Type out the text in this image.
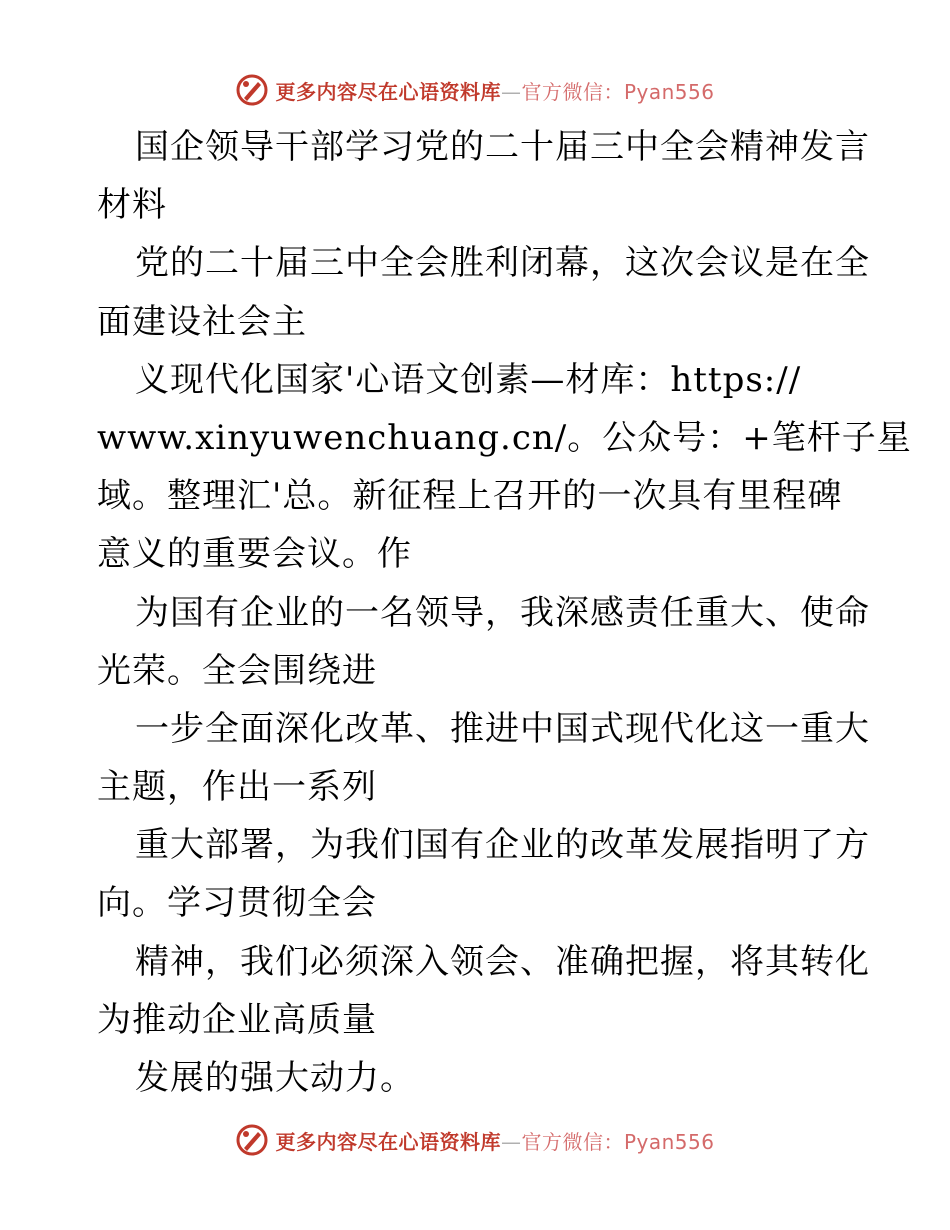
更多内容尽在心语资料库—官方微信：Pyan556
国企领导干部学习党的二十届三中全会精神发言
材料
党的二十届三中全会胜利闭幕，这次会议是在全
面建设社会主
义现代化国家'心语文创素—材库：https://
www.xinyuwenchuang.cn/。公众号：+笔杆子星
域。整理汇'总。新征程上召开的一次具有里程碑
意义的重要会议。作
为国有企业的一名领导，我深感责任重大、使命
光荣。全会围绕进
一步全面深化改革、推进中国式现代化这一重大
主题，作出一系列
重大部署，为我们国有企业的改革发展指明了方
向。学习贯彻全会
精神，我们必须深入领会、准确把握，将其转化
为推动企业高质量
发展的强大动力。
更多内容尽在心语资料库—官方微信：Pyan556
